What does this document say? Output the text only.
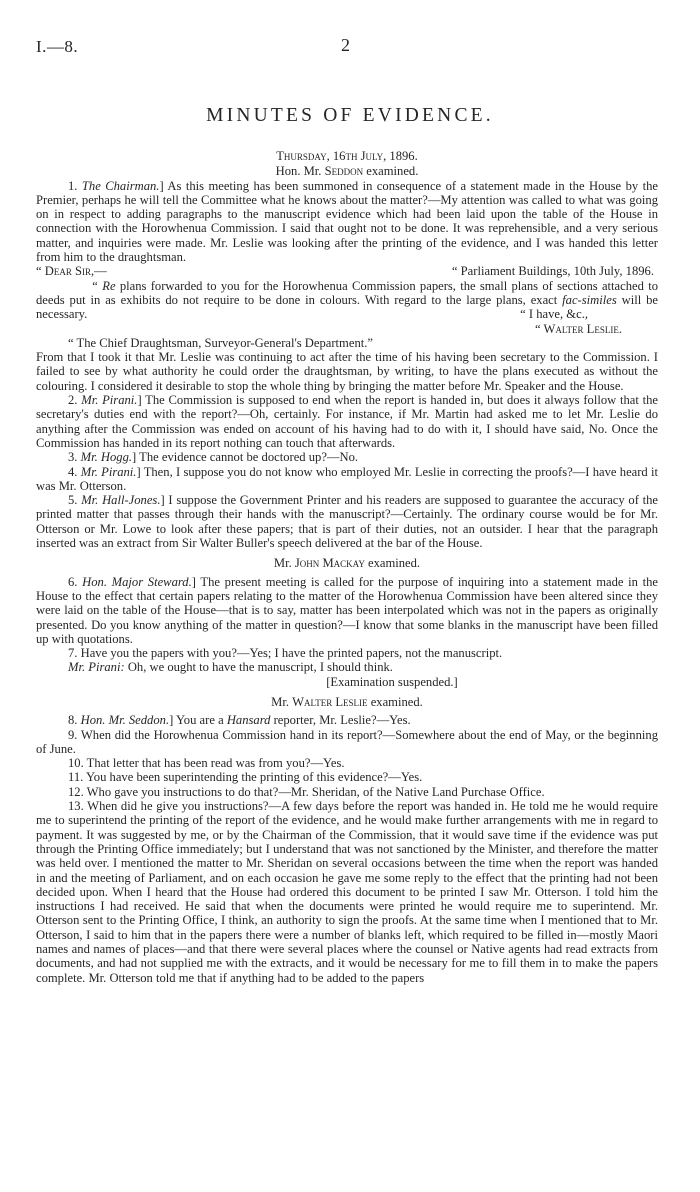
I.—8.	2
MINUTES OF EVIDENCE.

Thursday, 16th July, 1896.

Hon. Mr. Seddon examined.

1. The Chairman.] As this meeting has been summoned in consequence of a statement made in the House by the Premier, perhaps he will tell the Committee what he knows about the matter?—My attention was called to what was going on in respect to adding paragraphs to the manuscript evidence which had been laid upon the table of the House in connection with the Horowhenua Commission. I said that ought not to be done. It was reprehensible, and a very serious matter, and inquiries were made. Mr. Leslie was looking after the printing of the evidence, and I was handed this letter from him to the draughtsman.

“ Dear Sir,—	“ Parliament Buildings, 10th July, 1896.

“ Re plans forwarded to you for the Horowhenua Commission papers, the small plans of sections attached to deeds put in as exhibits do not require to be done in colours. With regard to the large plans, exact fac-similes will be necessary.	“ I have, &c.,

“ Walter Leslie.

“ The Chief Draughtsman, Surveyor-General's Department.”

From that I took it that Mr. Leslie was continuing to act after the time of his having been secretary to the Commission. I failed to see by what authority he could order the draughtsman, by writing, to have the plans executed as without the colouring. I considered it desirable to stop the whole thing by bringing the matter before Mr. Speaker and the House.

2. Mr. Pirani.] The Commission is supposed to end when the report is handed in, but does it always follow that the secretary's duties end with the report?—Oh, certainly. For instance, if Mr. Martin had asked me to let Mr. Leslie do anything after the Commission was ended on account of his having had to do with it, I should have said, No. Once the Commission has handed in its report nothing can touch that afterwards.

3. Mr. Hogg.] The evidence cannot be doctored up?—No.

4. Mr. Pirani.] Then, I suppose you do not know who employed Mr. Leslie in correcting the proofs?—I have heard it was Mr. Otterson.

5. Mr. Hall-Jones.] I suppose the Government Printer and his readers are supposed to guarantee the accuracy of the printed matter that passes through their hands with the manuscript?—Certainly. The ordinary course would be for Mr. Otterson or Mr. Lowe to look after these papers; that is part of their duties, not an outsider. I hear that the paragraph inserted was an extract from Sir Walter Buller's speech delivered at the bar of the House.

Mr. John Mackay examined.

6. Hon. Major Steward.] The present meeting is called for the purpose of inquiring into a statement made in the House to the effect that certain papers relating to the matter of the Horowhenua Commission have been altered since they were laid on the table of the House—that is to say, matter has been interpolated which was not in the papers as originally presented. Do you know anything of the matter in question?—I know that some blanks in the manuscript have been filled up with quotations.

7. Have you the papers with you?—Yes; I have the printed papers, not the manuscript.

Mr. Pirani: Oh, we ought to have the manuscript, I should think.

[Examination suspended.]

Mr. Walter Leslie examined.

8. Hon. Mr. Seddon.] You are a Hansard reporter, Mr. Leslie?—Yes.

9. When did the Horowhenua Commission hand in its report?—Somewhere about the end of May, or the beginning of June.

10. That letter that has been read was from you?—Yes.

11. You have been superintending the printing of this evidence?—Yes.

12. Who gave you instructions to do that?—Mr. Sheridan, of the Native Land Purchase Office.

13. When did he give you instructions?—A few days before the report was handed in. He told me he would require me to superintend the printing of the report of the evidence, and he would make further arrangements with me in regard to payment. It was suggested by me, or by the Chairman of the Commission, that it would save time if the evidence was put through the Printing Office immediately; but I understand that was not sanctioned by the Minister, and therefore the matter was held over. I mentioned the matter to Mr. Sheridan on several occasions between the time when the report was handed in and the meeting of Parliament, and on each occasion he gave me some reply to the effect that the printing had not been decided upon. When I heard that the House had ordered this document to be printed I saw Mr. Otterson. I told him the instructions I had received. He said that when the documents were printed he would require me to superintend. Mr. Otterson sent to the Printing Office, I think, an authority to sign the proofs. At the same time when I mentioned that to Mr. Otterson, I said to him that in the papers there were a number of blanks left, which required to be filled in—mostly Maori names and names of places—and that there were several places where the counsel or Native agents had read extracts from documents, and had not supplied me with the extracts, and it would be necessary for me to fill them in to make the papers complete. Mr. Otterson told me that if anything had to be added to the papers
